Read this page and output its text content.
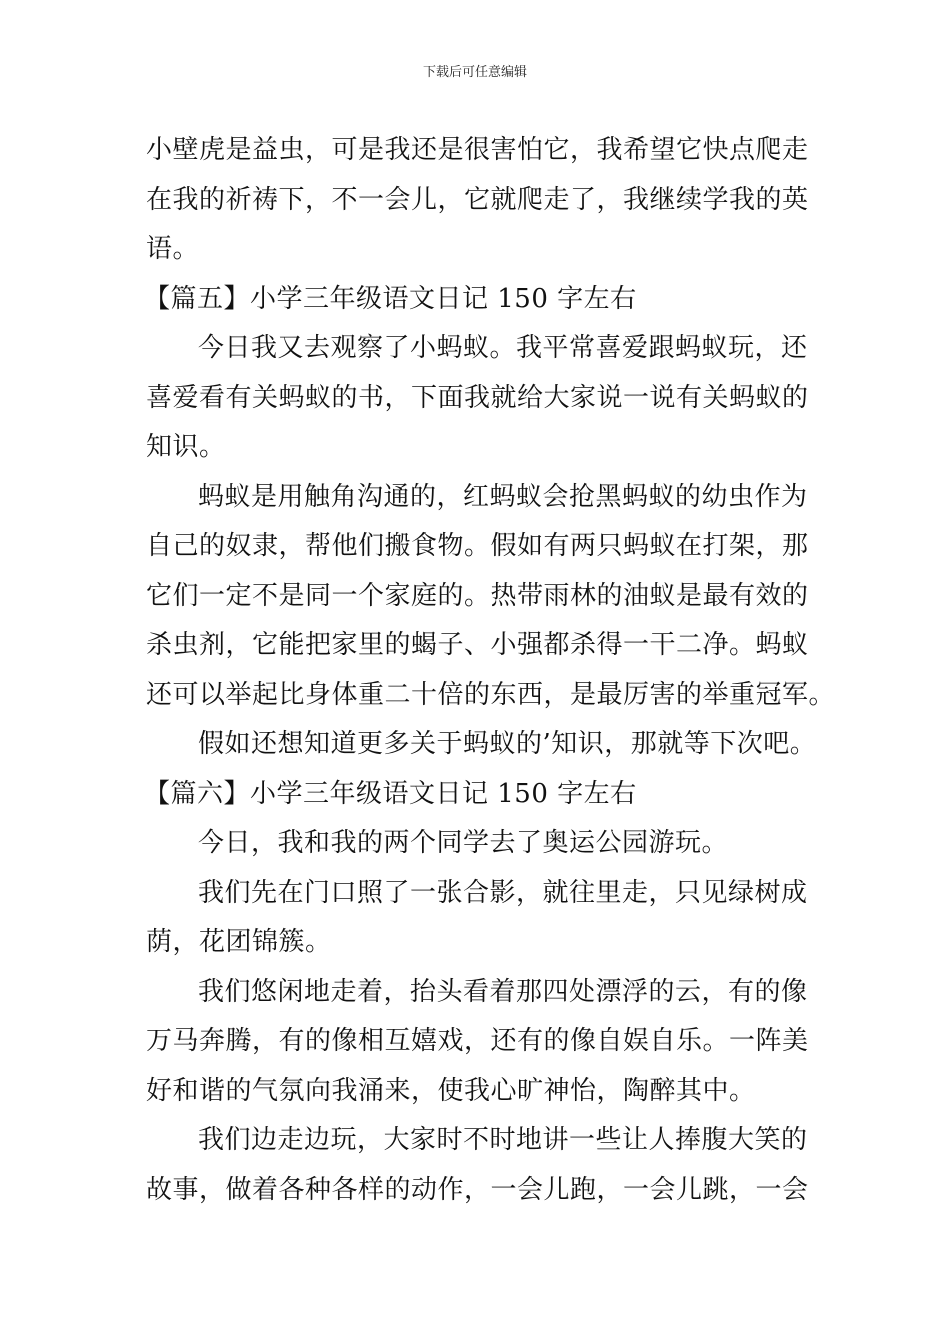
下载后可任意编辑
小壁虎是益虫，可是我还是很害怕它，我希望它快点爬走
在我的祈祷下，不一会儿，它就爬走了，我继续学我的英
语。
【篇五】小学三年级语文日记 150 字左右
今日我又去观察了小蚂蚁。我平常喜爱跟蚂蚁玩，还
喜爱看有关蚂蚁的书，下面我就给大家说一说有关蚂蚁的
知识。
蚂蚁是用触角沟通的，红蚂蚁会抢黑蚂蚁的幼虫作为
自己的奴隶，帮他们搬食物。假如有两只蚂蚁在打架，那
它们一定不是同一个家庭的。热带雨林的油蚁是最有效的
杀虫剂，它能把家里的蝎子、小强都杀得一干二净。蚂蚁
还可以举起比身体重二十倍的东西，是最厉害的举重冠军。
假如还想知道更多关于蚂蚁的’知识，那就等下次吧。
【篇六】小学三年级语文日记 150 字左右
今日，我和我的两个同学去了奥运公园游玩。
我们先在门口照了一张合影，就往里走，只见绿树成
荫，花团锦簇。
我们悠闲地走着，抬头看着那四处漂浮的云，有的像
万马奔腾，有的像相互嬉戏，还有的像自娱自乐。一阵美
好和谐的气氛向我涌来，使我心旷神怡，陶醉其中。
我们边走边玩，大家时不时地讲一些让人捧腹大笑的
故事，做着各种各样的动作，一会儿跑，一会儿跳，一会
